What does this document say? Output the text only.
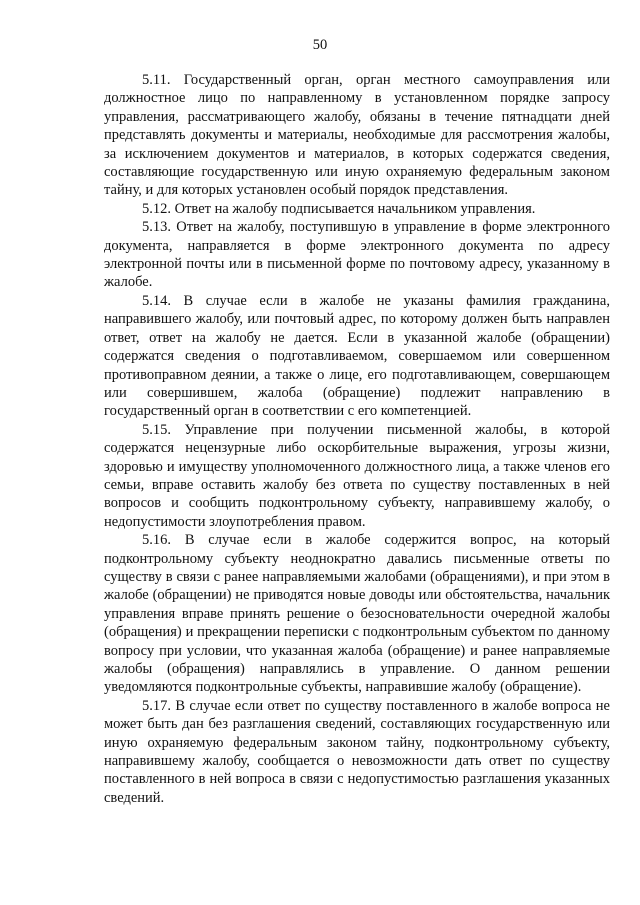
50

5.11. Государственный орган, орган местного самоуправления или должностное лицо по направленному в установленном порядке запросу управления, рассматривающего жалобу, обязаны в течение пятнадцати дней представлять документы и материалы, необходимые для рассмотрения жалобы, за исключением документов и материалов, в которых содержатся сведения, составляющие государственную или иную охраняемую федеральным законом тайну, и для которых установлен особый порядок представления.

5.12. Ответ на жалобу подписывается начальником управления.

5.13. Ответ на жалобу, поступившую в управление в форме электронного документа, направляется в форме электронного документа по адресу электронной почты или в письменной форме по почтовому адресу, указанному в жалобе.

5.14. В случае если в жалобе не указаны фамилия гражданина, направившего жалобу, или почтовый адрес, по которому должен быть направлен ответ, ответ на жалобу не дается. Если в указанной жалобе (обращении) содержатся сведения о подготавливаемом, совершаемом или совершенном противоправном деянии, а также о лице, его подготавливающем, совершающем или совершившем, жалоба (обращение) подлежит направлению в государственный орган в соответствии с его компетенцией.

5.15. Управление при получении письменной жалобы, в которой содержатся нецензурные либо оскорбительные выражения, угрозы жизни, здоровью и имуществу уполномоченного должностного лица, а также членов его семьи, вправе оставить жалобу без ответа по существу поставленных в ней вопросов и сообщить подконтрольному субъекту, направившему жалобу, о недопустимости злоупотребления правом.

5.16. В случае если в жалобе содержится вопрос, на который подконтрольному субъекту неоднократно давались письменные ответы по существу в связи с ранее направляемыми жалобами (обращениями), и при этом в жалобе (обращении) не приводятся новые доводы или обстоятельства, начальник управления вправе принять решение о безосновательности очередной жалобы (обращения) и прекращении переписки с подконтрольным субъектом по данному вопросу при условии, что указанная жалоба (обращение) и ранее направляемые жалобы (обращения) направлялись в управление. О данном решении уведомляются подконтрольные субъекты, направившие жалобу (обращение).

5.17. В случае если ответ по существу поставленного в жалобе вопроса не может быть дан без разглашения сведений, составляющих государственную или иную охраняемую федеральным законом тайну, подконтрольному субъекту, направившему жалобу, сообщается о невозможности дать ответ по существу поставленного в ней вопроса в связи с недопустимостью разглашения указанных сведений.
